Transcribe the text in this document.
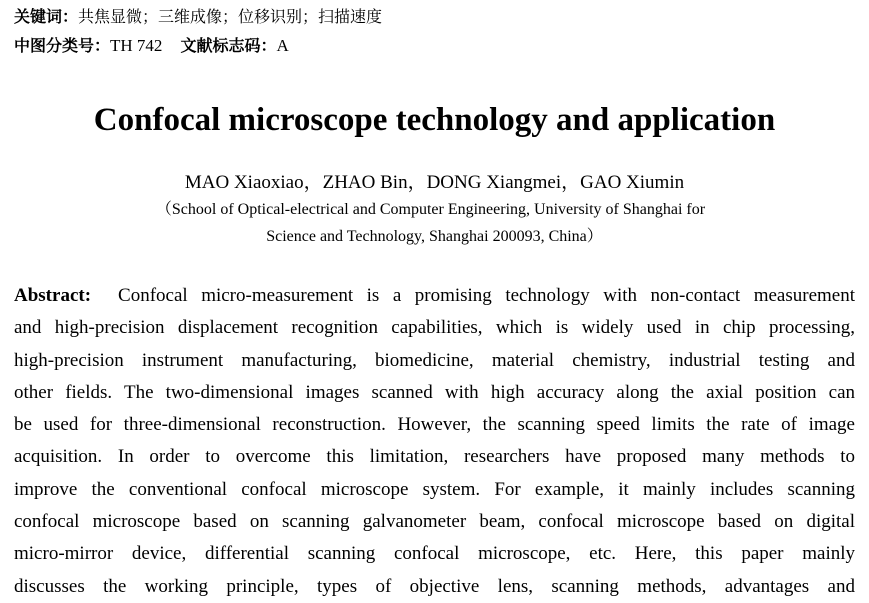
关键词：共焦显微；三维成像；位移识别；扫描速度
中图分类号：TH 742 文献标志码：A
Confocal microscope technology and application
MAO Xiaoxiao，ZHAO Bin，DONG Xiangmei，GAO Xiumin
（School of Optical-electrical and Computer Engineering, University of Shanghai for
Science and Technology, Shanghai 200093, China）
Abstract: Confocal micro-measurement is a promising technology with non-contact measurement
and high-precision displacement recognition capabilities, which is widely used in chip processing,
high-precision instrument manufacturing, biomedicine, material chemistry, industrial testing and
other fields. The two-dimensional images scanned with high accuracy along the axial position can
be used for three-dimensional reconstruction. However, the scanning speed limits the rate of image
acquisition. In order to overcome this limitation, researchers have proposed many methods to
improve the conventional confocal microscope system. For example, it mainly includes scanning
confocal microscope based on scanning galvanometer beam, confocal microscope based on digital
micro-mirror device, differential scanning confocal microscope, etc. Here, this paper mainly
discusses the working principle, types of objective lens, scanning methods, advantages and
